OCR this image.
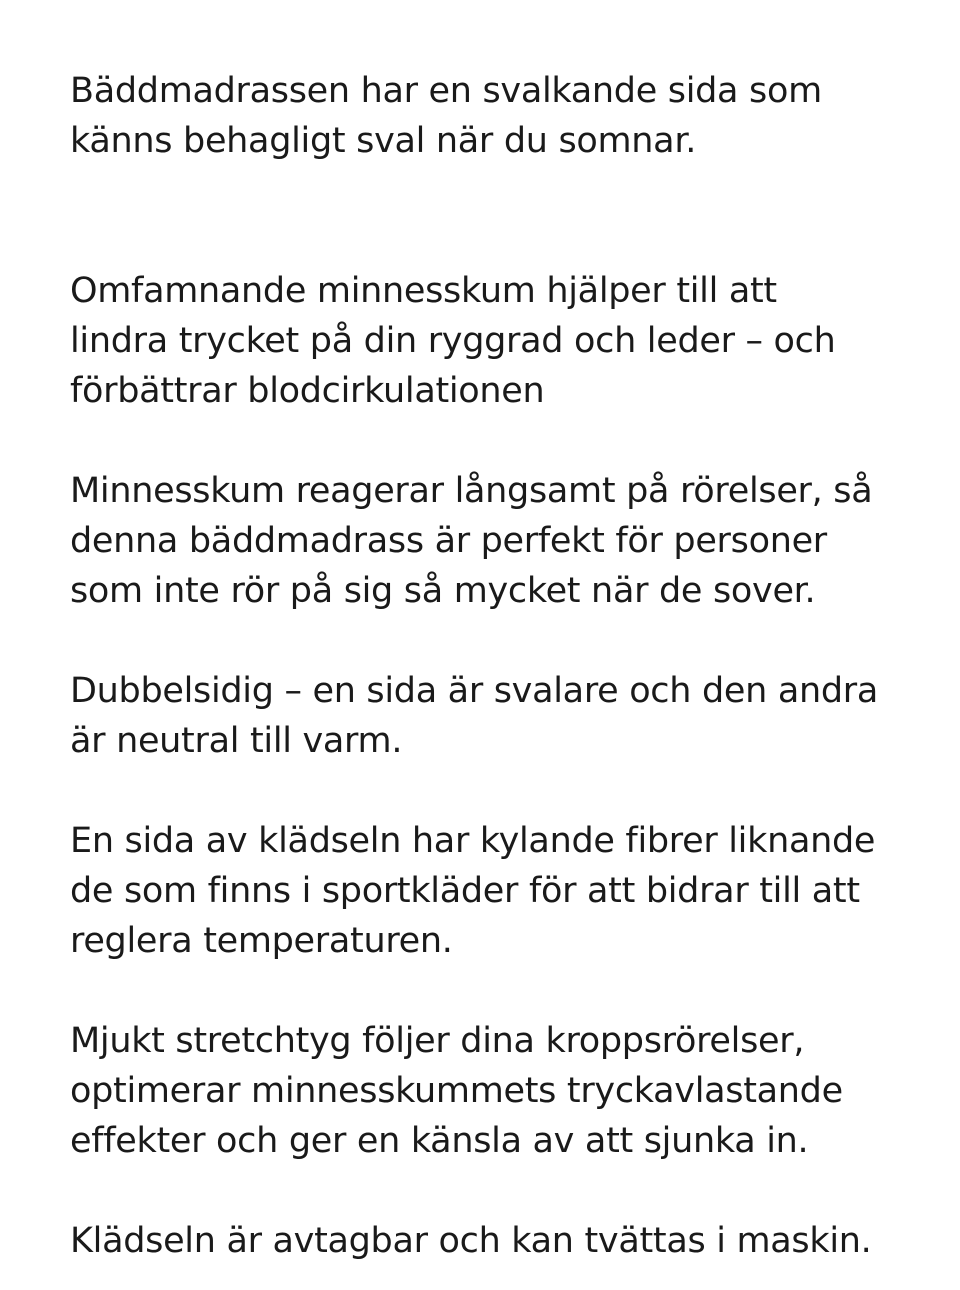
Bäddmadrassen har en svalkande sida som
känns behagligt sval när du somnar.

Omfamnande minnesskum hjälper till att
lindra trycket på din ryggrad och leder – och
förbättrar blodcirkulationen

Minnesskum reagerar långsamt på rörelser, så
denna bäddmadrass är perfekt för personer
som inte rör på sig så mycket när de sover.

Dubbelsidig – en sida är svalare och den andra
är neutral till varm.

En sida av klädseln har kylande fibrer liknande
de som finns i sportkläder för att bidrar till att
reglera temperaturen.

Mjukt stretchtyg följer dina kroppsrörelser,
optimerar minnesskummets tryckavlastande
effekter och ger en känsla av att sjunka in.

Klädseln är avtagbar och kan tvättas i maskin.
